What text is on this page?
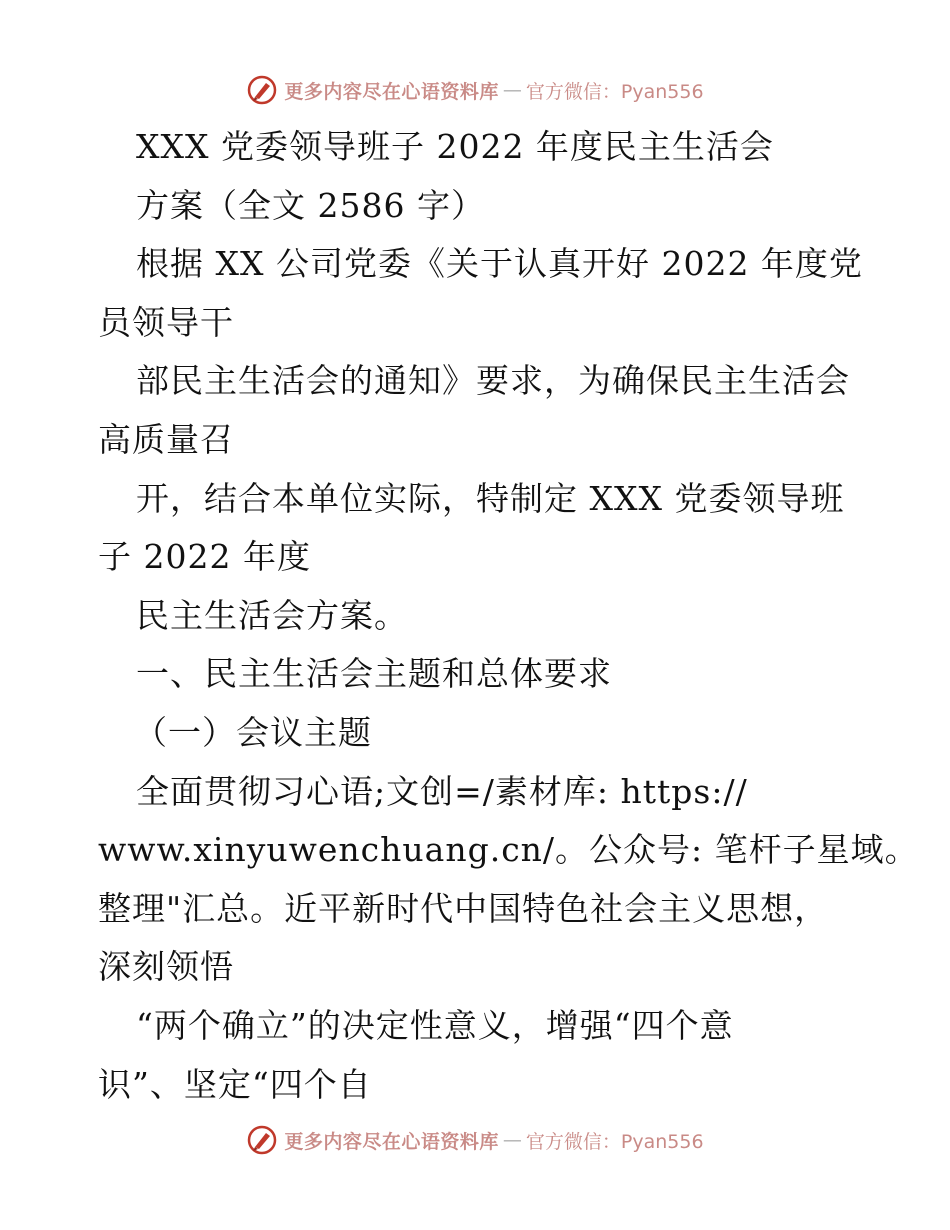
更多内容尽在心语资料库 — 官方微信：Pyan556
XXX 党委领导班子 2022 年度民主生活会
方案（全文 2586 字）
根据 XX 公司党委《关于认真开好 2022 年度党
员领导干
部民主生活会的通知》要求，为确保民主生活会
高质量召
开，结合本单位实际，特制定 XXX 党委领导班
子 2022 年度
民主生活会方案。
一、民主生活会主题和总体要求
（一）会议主题
全面贯彻习心语;文创=/素材库: https://
www.xinyuwenchuang.cn/。公众号: 笔杆子星域。
整理"汇总。近平新时代中国特色社会主义思想，
深刻领悟
“两个确立”的决定性意义，增强“四个意
识”、坚定“四个自
更多内容尽在心语资料库 — 官方微信：Pyan556
